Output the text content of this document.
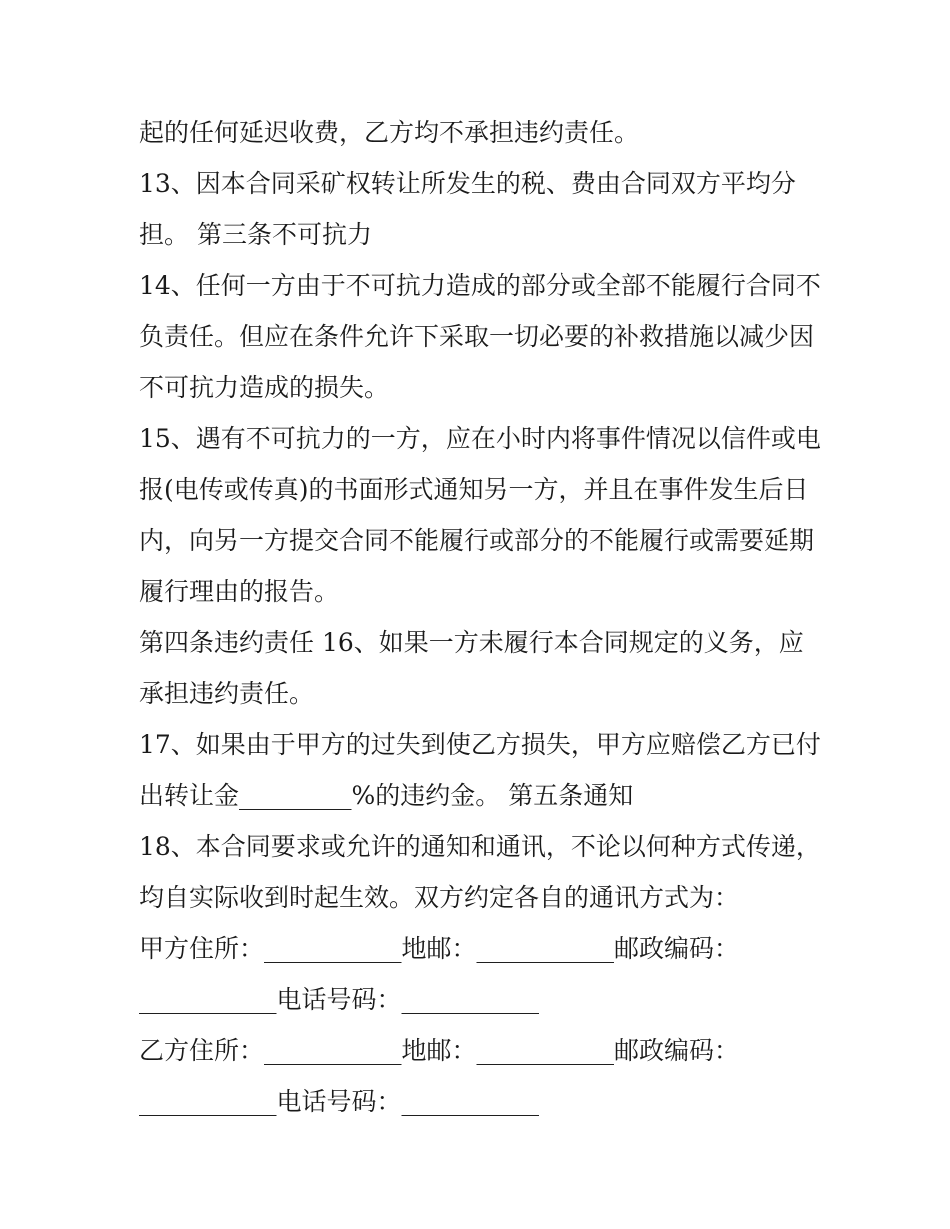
起的任何延迟收费，乙方均不承担违约责任。
13、因本合同采矿权转让所发生的税、费由合同双方平均分
担。 第三条不可抗力
14、任何一方由于不可抗力造成的部分或全部不能履行合同不
负责任。但应在条件允许下采取一切必要的补救措施以减少因
不可抗力造成的损失。
15、遇有不可抗力的一方，应在小时内将事件情况以信件或电
报(电传或传真)的书面形式通知另一方，并且在事件发生后日
内，向另一方提交合同不能履行或部分的不能履行或需要延期
履行理由的报告。
第四条违约责任 16、如果一方未履行本合同规定的义务，应
承担违约责任。
17、如果由于甲方的过失到使乙方损失，甲方应赔偿乙方已付
出转让金_________%的违约金。 第五条通知
18、本合同要求或允许的通知和通讯，不论以何种方式传递，
均自实际收到时起生效。双方约定各自的通讯方式为：
甲方住所：___________地邮：___________邮政编码：
___________电话号码：___________
乙方住所：___________地邮：___________邮政编码：
___________电话号码：___________
